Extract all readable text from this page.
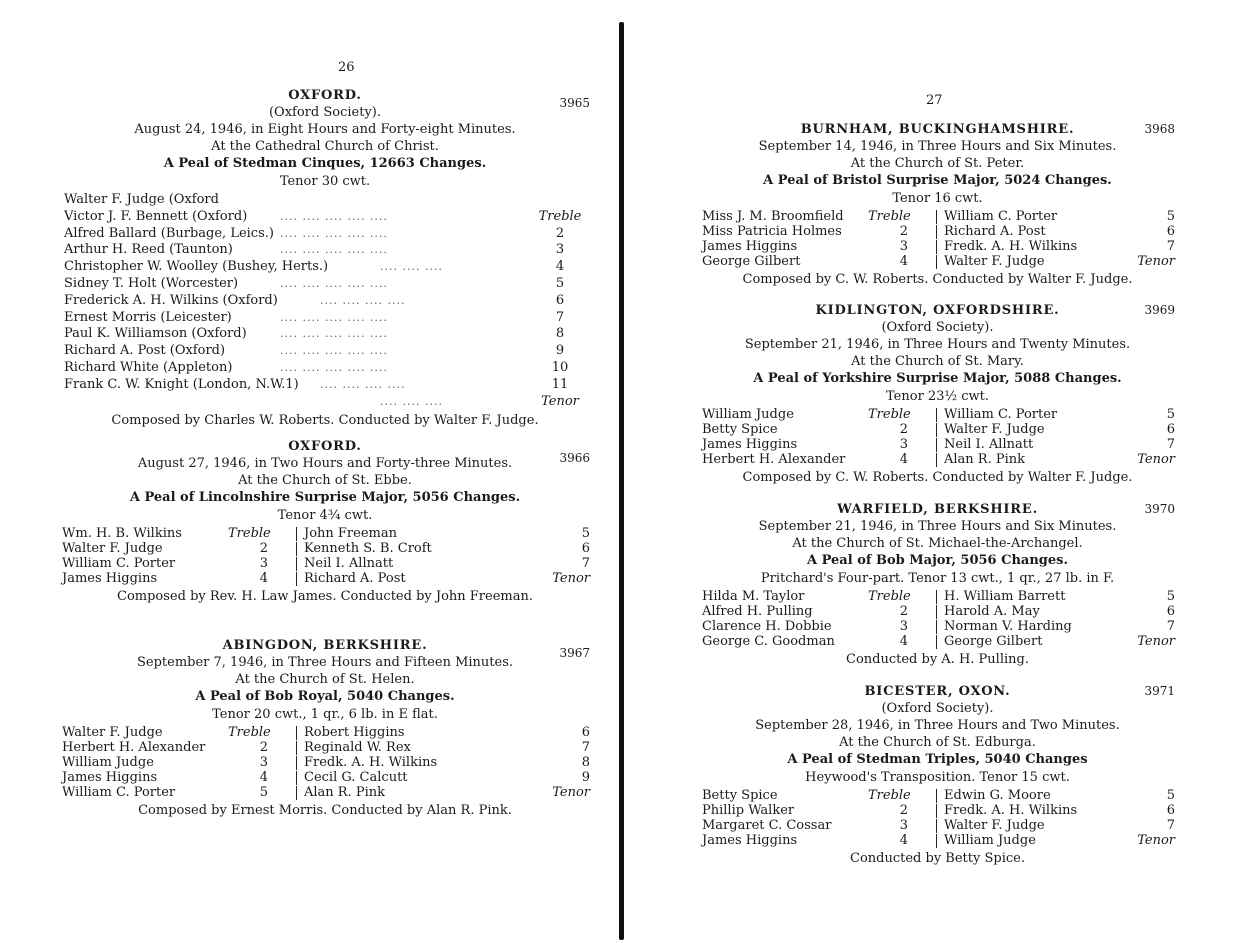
26
OXFORD.	3965
(Oxford Society).
August 24, 1946, in Eight Hours and Forty-eight Minutes.
At the Cathedral Church of Christ.
A Peal of Stedman Cinques, 12663 Changes.
Tenor 30 cwt.
Walter F. Judge (Oxford
Victor J. F. Bennett (Oxford)	.... .... .... .... ....	Treble
Alfred Ballard (Burbage, Leics.) .... .... .... .... ....	2
Arthur H. Reed (Taunton)	.... .... .... .... ....	3
Christopher W. Woolley (Bushey, Herts.)	.... .... ....	4
Sidney T. Holt (Worcester)	.... .... .... .... ....	5
Frederick A. H. Wilkins (Oxford)	.... .... .... ....	6
Ernest Morris (Leicester)	.... .... .... .... ....	7
Paul K. Williamson (Oxford)	.... .... .... .... ....	8
Richard A. Post (Oxford)	.... .... .... .... ....	9
Richard White (Appleton)	.... .... .... .... ....	10
Frank C. W. Knight (London, N.W.1) .... .... .... ....	11
.... .... ....	Tenor
Composed by Charles W. Roberts. Conducted by Walter F. Judge.
OXFORD.
3966
August 27, 1946, in Two Hours and Forty-three Minutes.
At the Church of St. Ebbe.
A Peal of Lincolnshire Surprise Major, 5056 Changes.
Tenor 4¾ cwt.
Wm. H. B. Wilkins	Treble	John Freeman	5
Walter F. Judge	2	Kenneth S. B. Croft	6
William C. Porter	3	Neil I. Allnatt	7
James Higgins	4	Richard A. Post	Tenor
Composed by Rev. H. Law James. Conducted by John Freeman.
ABINGDON, BERKSHIRE.	3967
September 7, 1946, in Three Hours and Fifteen Minutes.
At the Church of St. Helen.
A Peal of Bob Royal, 5040 Changes.
Tenor 20 cwt., 1 qr., 6 lb. in E flat.
Walter F. Judge	Treble	Robert Higgins	6
Herbert H. Alexander	2	Reginald W. Rex	7
William Judge	3	Fredk. A. H. Wilkins	8
James Higgins	4	Cecil G. Calcutt	9
William C. Porter	5	Alan R. Pink	Tenor
Composed by Ernest Morris. Conducted by Alan R. Pink.
27
BURNHAM, BUCKINGHAMSHIRE.	3968
September 14, 1946, in Three Hours and Six Minutes.
At the Church of St. Peter.
A Peal of Bristol Surprise Major, 5024 Changes.
Tenor 16 cwt.
Miss J. M. Broomfield Treble	William C. Porter	5
Miss Patricia Holmes	2	Richard A. Post	6
James Higgins	3	Fredk. A. H. Wilkins	7
George Gilbert	4	Walter F. Judge	Tenor
Composed by C. W. Roberts. Conducted by Walter F. Judge.
KIDLINGTON, OXFORDSHIRE.	3969
(Oxford Society).
September 21, 1946, in Three Hours and Twenty Minutes.
At the Church of St. Mary.
A Peal of Yorkshire Surprise Major, 5088 Changes.
Tenor 23½ cwt.
William Judge	Treble	William C. Porter	5
Betty Spice	2	Walter F. Judge	6
James Higgins	3	Neil I. Allnatt	7
Herbert H. Alexander	4	Alan R. Pink	Tenor
Composed by C. W. Roberts. Conducted by Walter F. Judge.
WARFIELD, BERKSHIRE.	3970
September 21, 1946, in Three Hours and Six Minutes.
At the Church of St. Michael-the-Archangel.
A Peal of Bob Major, 5056 Changes.
Pritchard's Four-part. Tenor 13 cwt., 1 qr., 27 lb. in F.
Hilda M. Taylor	Treble	H. William Barrett	5
Alfred H. Pulling	2	Harold A. May	6
Clarence H. Dobbie	3	Norman V. Harding	7
George C. Goodman	4	George Gilbert	Tenor
Conducted by A. H. Pulling.
BICESTER, OXON.	3971
(Oxford Society).
September 28, 1946, in Three Hours and Two Minutes.
At the Church of St. Edburga.
A Peal of Stedman Triples, 5040 Changes
Heywood's Transposition. Tenor 15 cwt.
Betty Spice	Treble	Edwin G. Moore	5
Phillip Walker	2	Fredk. A. H. Wilkins	6
Margaret C. Cossar	3	Walter F. Judge	7
James Higgins	4	William Judge	Tenor
Conducted by Betty Spice.
